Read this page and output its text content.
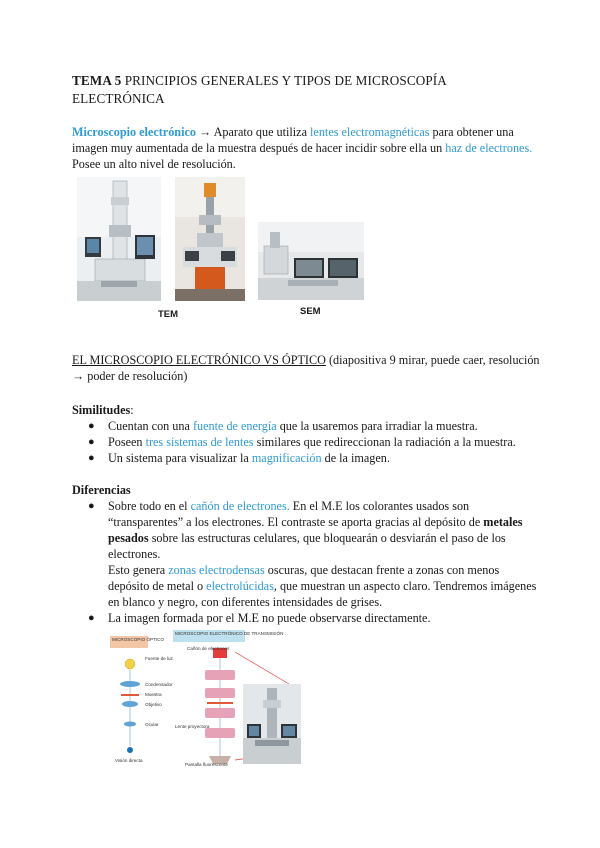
TEMA 5 PRINCIPIOS GENERALES Y TIPOS DE MICROSCOPÍA ELECTRÓNICA
Microscopio electrónico → Aparato que utiliza lentes electromagnéticas para obtener una imagen muy aumentada de la muestra después de hacer incidir sobre ella un haz de electrones. Posee un alto nivel de resolución.
TEM	SEM
EL MICROSCOPIO ELECTRÓNICO VS ÓPTICO (diapositiva 9 mirar, puede caer, resolución → poder de resolución)
Similitudes:
● Cuentan con una fuente de energía que la usaremos para irradiar la muestra.
● Poseen tres sistemas de lentes similares que redireccionan la radiación a la muestra.
● Un sistema para visualizar la magnificación de la imagen.
Diferencias
● Sobre todo en el cañón de electrones. En el M.E los colorantes usados son “transparentes” a los electrones. El contraste se aporta gracias al depósito de metales pesados sobre las estructuras celulares, que bloquearán o desviarán el paso de los electrones.
Esto genera zonas electrodensas oscuras, que destacan frente a zonas con menos depósito de metal o electrolúcidas, que muestran un aspecto claro. Tendremos imágenes en blanco y negro, con diferentes intensidades de grises.
● La imagen formada por el M.E no puede observarse directamente.
MICROSCOPIO ÓPTICO
MICROSCOPIO ELECTRÓNICO DE TRANSMISIÓN
Fuente de luz
Condensador
Muestra
Objetivo
Ocular
Visión directa
Cañón de electrones
Lente proyectora
Pantalla fluorescente
